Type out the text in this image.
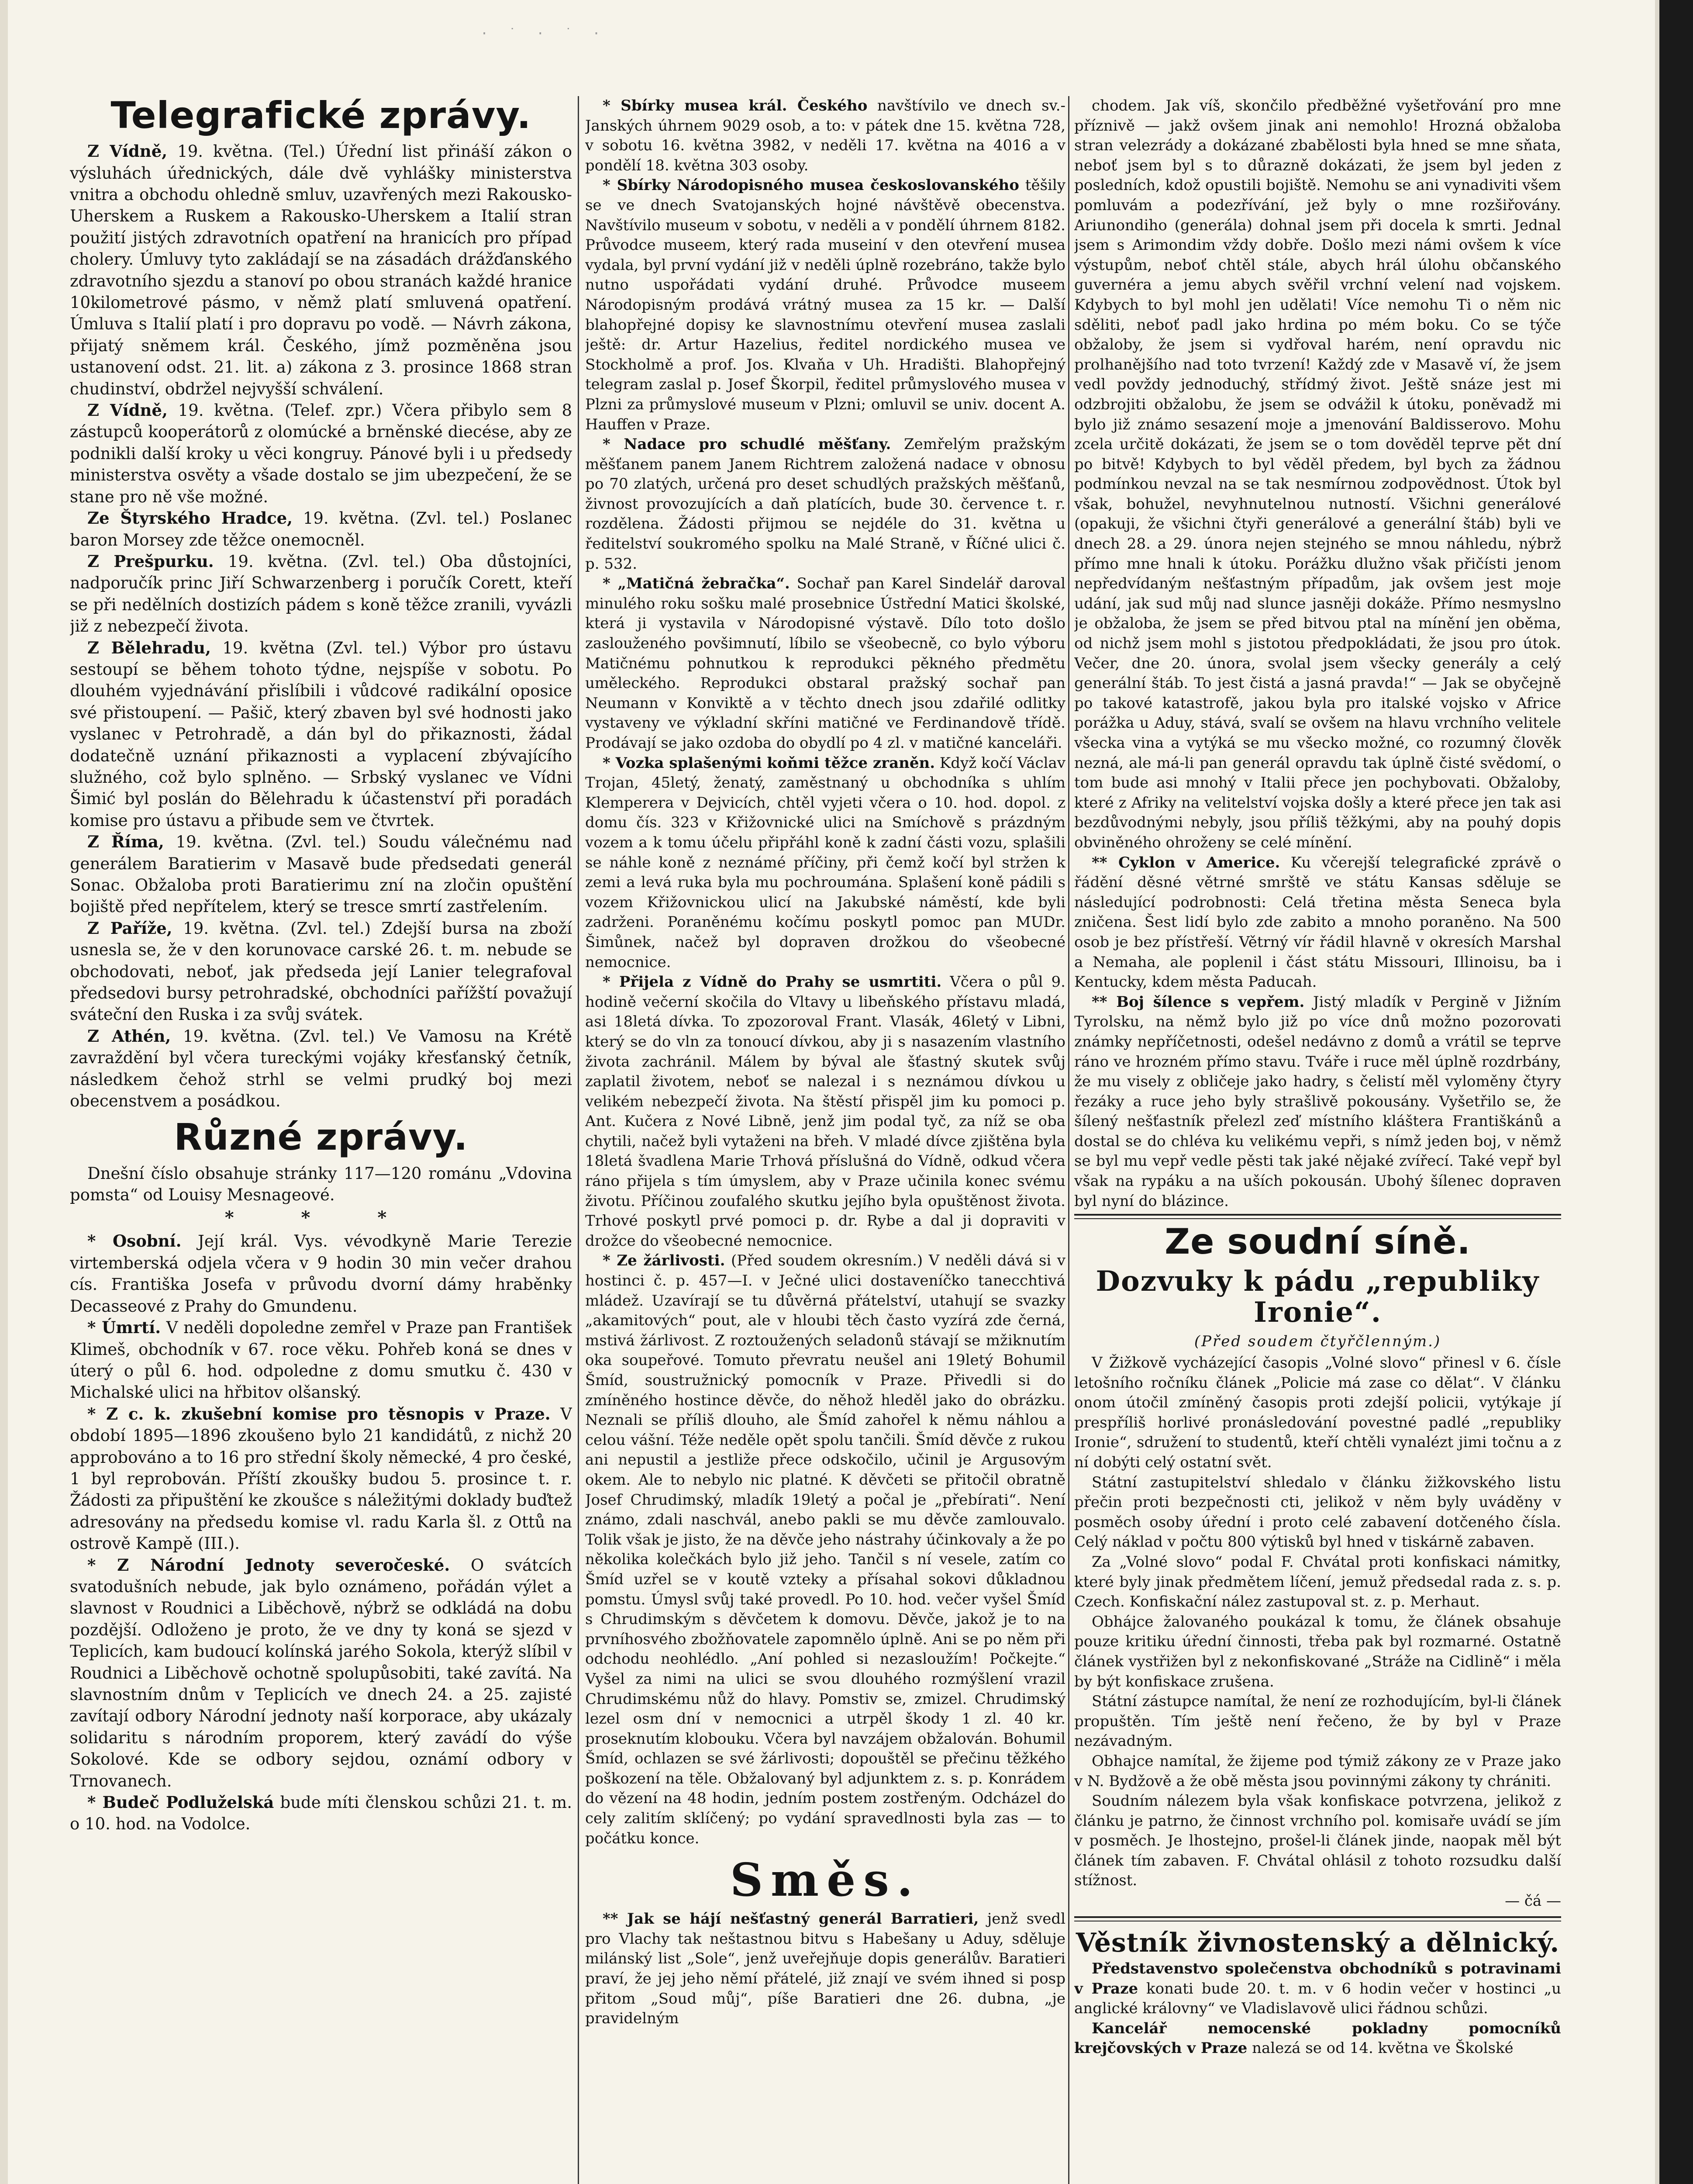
· ˙ · ˙ ·
Telegrafické zprávy.

Z Vídně, 19. května. (Tel.) Úřední list přináší zákon o výsluhách úřednických, dále dvě vyhlášky ministerstva vnitra a obchodu ohledně smluv, uzavřených mezi Rakousko-Uherskem a Ruskem a Rakousko-Uherskem a Italií stran použití jistých zdravotních opatření na hranicích pro případ cholery. Úmluvy tyto zakládají se na zásadách drážďanského zdravotního sjezdu a stanoví po obou stranách každé hranice 10kilometrové pásmo, v němž platí smluvená opatření. Úmluva s Italií platí i pro dopravu po vodě. — Návrh zákona, přijatý sněmem král. Českého, jímž pozměněna jsou ustanovení odst. 21. lit. a) zákona z 3. prosince 1868 stran chudinství, obdržel nejvyšší schválení.

Z Vídně, 19. května. (Telef. zpr.) Včera přibylo sem 8 zástupců kooperátorů z olomúcké a brněnské diecése, aby ze podnikli další kroky u věci kongruy. Pánové byli i u předsedy ministerstva osvěty a všade dostalo se jim ubezpečení, že se stane pro ně vše možné.

Ze Štyrského Hradce, 19. května. (Zvl. tel.) Poslanec baron Morsey zde těžce onemocněl.

Z Prešpurku. 19. května. (Zvl. tel.) Oba důstojníci, nadporučík princ Jiří Schwarzenberg i poručík Corett, kteří se při nedělních dostizích pádem s koně těžce zranili, vyvázli již z nebezpečí života.

Z Bělehradu, 19. května (Zvl. tel.) Výbor pro ústavu sestoupí se během tohoto týdne, nejspíše v sobotu. Po dlouhém vyjednávání přislíbili i vůdcové radikální oposice své přistoupení. — Pašič, který zbaven byl své hodnosti jako vyslanec v Petrohradě, a dán byl do přikaznosti, žádal dodatečně uznání přikaznosti a vyplacení zbývajícího služného, což bylo splněno. — Srbský vyslanec ve Vídni Šimić byl poslán do Bělehradu k účastenství při poradách komise pro ústavu a přibude sem ve čtvrtek.

Z Říma, 19. května. (Zvl. tel.) Soudu válečnému nad generálem Baratierim v Masavě bude předsedati generál Sonac. Obžaloba proti Baratierimu zní na zločin opuštění bojiště před nepřítelem, který se tresce smrtí zastřelením.

Z Paříže, 19. května. (Zvl. tel.) Zdejší bursa na zboží usnesla se, že v den korunovace carské 26. t. m. nebude se obchodovati, neboť, jak předseda její Lanier telegrafoval předsedovi bursy petrohradské, obchodníci pařížští považují sváteční den Ruska i za svůj svátek.

Z Athén, 19. května. (Zvl. tel.) Ve Vamosu na Krétě zavraždění byl včera tureckými vojáky křesťanský četník, následkem čehož strhl se velmi prudký boj mezi obecenstvem a posádkou.

Různé zprávy.

Dnešní číslo obsahuje stránky 117—120 románu „Vdovina pomsta“ od Louisy Mesnageové.

* * *

* Osobní. Její král. Vys. vévodkyně Marie Terezie virtemberská odjela včera v 9 hodin 30 min večer drahou cís. Františka Josefa v průvodu dvorní dámy hraběnky Decasseové z Prahy do Gmundenu.

* Úmrtí. V neděli dopoledne zemřel v Praze pan František Klimeš, obchodník v 67. roce věku. Pohřeb koná se dnes v úterý o půl 6. hod. odpoledne z domu smutku č. 430 v Michalské ulici na hřbitov olšanský.

* Z c. k. zkušební komise pro těsnopis v Praze. V období 1895—1896 zkoušeno bylo 21 kandidátů, z nichž 20 approbováno a to 16 pro střední školy německé, 4 pro české, 1 byl reprobován. Příští zkoušky budou 5. prosince t. r. Žádosti za připuštění ke zkoušce s náležitými doklady buďtež adresovány na předsedu komise vl. radu Karla šl. z Ottů na ostrově Kampě (III.).

* Z Národní Jednoty severočeské. O svátcích svatodušních nebude, jak bylo oznámeno, pořádán výlet a slavnost v Roudnici a Liběchově, nýbrž se odkládá na dobu pozdější. Odloženo je proto, že ve dny ty koná se sjezd v Teplicích, kam budoucí kolínská jarého Sokola, kterýž slíbil v Roudnici a Liběchově ochotně spolupůsobiti, také zavítá. Na slavnostním dnům v Teplicích ve dnech 24. a 25. zajisté zavítají odbory Národní jednoty naší korporace, aby ukázaly solidaritu s národním proporem, který zavádí do výše Sokolové. Kde se odbory sejdou, oznámí odbory v Trnovanech.

* Budeč Podluželská bude míti členskou schůzi 21. t. m. o 10. hod. na Vodolce.

* Sbírky musea král. Českého navštívilo ve dnech sv.-Janských úhrnem 9029 osob, a to: v pátek dne 15. května 728, v sobotu 16. května 3982, v neděli 17. května na 4016 a v pondělí 18. května 303 osoby.

* Sbírky Národopisného musea českoslovanského těšily se ve dnech Svatojanských hojné návštěvě obecenstva. Navštívilo museum v sobotu, v neděli a v pondělí úhrnem 8182. Průvodce museem, který rada museiní v den otevření musea vydala, byl první vydání již v neděli úplně rozebráno, takže bylo nutno uspořádati vydání druhé. Průvodce museem Národopisným prodává vrátný musea za 15 kr. — Další blahopřejné dopisy ke slavnostnímu otevření musea zaslali ještě: dr. Artur Hazelius, ředitel nordického musea ve Stockholmě a prof. Jos. Klvaňa v Uh. Hradišti. Blahopřejný telegram zaslal p. Josef Škorpil, ředitel průmyslového musea v Plzni za průmyslové museum v Plzni; omluvil se univ. docent A. Hauffen v Praze.

* Nadace pro schudlé měšťany. Zemřelým pražským měšťanem panem Janem Richtrem založená nadace v obnosu po 70 zlatých, určená pro deset schudlých pražských měšťanů, živnost provozujících a daň platících, bude 30. července t. r. rozdělena. Žádosti přijmou se nejdéle do 31. května u ředitelství soukromého spolku na Malé Straně, v Říčné ulici č. p. 532.

* „Matičná žebračka“. Sochař pan Karel Sindelář daroval minulého roku sošku malé prosebnice Ústřední Matici školské, která ji vystavila v Národopisné výstavě. Dílo toto došlo zaslouženého povšimnutí, líbilo se všeobecně, co bylo výboru Matičnému pohnutkou k reprodukci pěkného předmětu uměleckého. Reprodukci obstaral pražský sochař pan Neumann v Konviktě a v těchto dnech jsou zdařilé odlitky vystaveny ve výkladní skříni matičné ve Ferdinandově třídě. Prodávají se jako ozdoba do obydlí po 4 zl. v matičné kanceláři.

* Vozka splašenými koňmi těžce zraněn. Když kočí Václav Trojan, 45letý, ženatý, zaměstnaný u obchodníka s uhlím Klemperera v Dejvicích, chtěl vyjeti včera o 10. hod. dopol. z domu čís. 323 v Křižovnické ulici na Smíchově s prázdným vozem a k tomu účelu připřáhl koně k zadní části vozu, splašili se náhle koně z neznámé příčiny, při čemž kočí byl stržen k zemi a levá ruka byla mu pochroumána. Splašení koně pádili s vozem Křižovnickou ulicí na Jakubské náměstí, kde byli zadrženi. Poraněnému kočímu poskytl pomoc pan MUDr. Šimůnek, načež byl dopraven drožkou do všeobecné nemocnice.

* Přijela z Vídně do Prahy se usmrtiti. Včera o půl 9. hodině večerní skočila do Vltavy u libeňského přístavu mladá, asi 18letá dívka. To zpozoroval Frant. Vlasák, 46letý v Libni, který se do vln za tonoucí dívkou, aby ji s nasazením vlastního života zachránil. Málem by býval ale šťastný skutek svůj zaplatil životem, neboť se nalezal i s neznámou dívkou u velikém nebezpečí života. Na štěstí přispěl jim ku pomoci p. Ant. Kučera z Nové Libně, jenž jim podal tyč, za níž se oba chytili, načež byli vytaženi na břeh. V mladé dívce zjištěna byla 18letá švadlena Marie Trhová příslušná do Vídně, odkud včera ráno přijela s tím úmyslem, aby v Praze učinila konec svému životu. Příčinou zoufalého skutku jejího byla opuštěnost života. Trhové poskytl prvé pomoci p. dr. Rybe a dal ji dopraviti v drožce do všeobecné nemocnice.

* Ze žárlivosti. (Před soudem okresním.) V neděli dává si v hostinci č. p. 457—I. v Ječné ulici dostaveníčko tanecchtivá mládež. Uzavírají se tu důvěrná přátelství, utahují se svazky „akamitových“ pout, ale v hloubi těch často vyzírá zde černá, mstivá žárlivost. Z roztoužených seladonů stávají se mžiknutím oka soupeřové. Tomuto převratu neušel ani 19letý Bohumil Šmíd, soustružnický pomocník v Praze. Přivedli si do zmíněného hostince děvče, do něhož hleděl jako do obrázku. Neznali se příliš dlouho, ale Šmíd zahořel k němu náhlou a celou vášní. Téže neděle opět spolu tančili. Šmíd děvče z rukou ani nepustil a jestliže přece odskočilo, učinil je Argusovým okem. Ale to nebylo nic platné. K děvčeti se přitočil obratně Josef Chrudimský, mladík 19letý a počal je „přebírati“. Není známo, zdali naschvál, anebo pakli se mu děvče zamlouvalo. Tolik však je jisto, že na děvče jeho nástrahy účinkovaly a že po několika kolečkách bylo již jeho. Tančil s ní vesele, zatím co Šmíd uzřel se v koutě vzteky a přísahal sokovi důkladnou pomstu. Úmysl svůj také provedl. Po 10. hod. večer vyšel Šmíd s Chrudimským s děvčetem k domovu. Děvče, jakož je to na prvníhosvého zbožňovatele zapomnělo úplně. Ani se po něm při odchodu neohlédlo. „Aní pohled si nezasloužím! Počkejte.“ Vyšel za nimi na ulici se svou dlouhého rozmýšlení vrazil Chrudimskému nůž do hlavy. Pomstiv se, zmizel. Chrudimský lezel osm dní v nemocnici a utrpěl škody 1 zl. 40 kr. proseknutím klobouku. Včera byl navzájem obžalován. Bohumil Šmíd, ochlazen se své žárlivosti; dopouštěl se přečinu těžkého poškození na těle. Obžalovaný byl adjunktem z. s. p. Konrádem do vězení na 48 hodin, jedním postem zostřeným. Odcházel do cely zalitím sklíčený; po vydání spravedlnosti byla zas — to počátku konce.

Směs.

** Jak se hájí nešťastný generál Barratieri, jenž svedl pro Vlachy tak neštastnou bitvu s Habešany u Aduy, sděluje milánský list „Sole“, jenž uveřejňuje dopis generálův. Baratieri praví, že jej jeho němí přátelé, již znají ve svém ihned si posp přitom „Soud můj“, píše Baratieri dne 26. dubna, „je pravidelným

chodem. Jak víš, skončilo předběžné vyšetřování pro mne příznivě — jakž ovšem jinak ani nemohlo! Hrozná obžaloba stran velezrády a dokázané zbabělosti byla hned se mne sňata, neboť jsem byl s to důrazně dokázati, že jsem byl jeden z posledních, kdož opustili bojiště. Nemohu se ani vynadiviti všem pomluvám a podezřívání, jež byly o mne rozšiřovány. Ariunondiho (generála) dohnal jsem při docela k smrti. Jednal jsem s Arimondim vždy dobře. Došlo mezi námi ovšem k více výstupům, neboť chtěl stále, abych hrál úlohu občanského guvernéra a jemu abych svěřil vrchní velení nad vojskem. Kdybych to byl mohl jen udělati! Více nemohu Ti o něm nic sděliti, neboť padl jako hrdina po mém boku. Co se týče obžaloby, že jsem si vydřoval harém, není opravdu nic prolhanějšího nad toto tvrzení! Každý zde v Masavě ví, že jsem vedl povždy jednoduchý, střídmý život. Ještě snáze jest mi odzbrojiti obžalobu, že jsem se odvážil k útoku, poněvadž mi bylo již známo sesazení moje a jmenování Baldisserovo. Mohu zcela určitě dokázati, že jsem se o tom dověděl teprve pět dní po bitvě! Kdybych to byl věděl předem, byl bych za žádnou podmínkou nevzal na se tak nesmírnou zodpovědnost. Útok byl však, bohužel, nevyhnutelnou nutností. Všichni generálové (opakuji, že všichni čtyři generálové a generální štáb) byli ve dnech 28. a 29. února nejen stejného se mnou náhledu, nýbrž přímo mne hnali k útoku. Porážku dlužno však přičísti jenom nepředvídaným nešťastným případům, jak ovšem jest moje udání, jak sud můj nad slunce jasněji dokáže. Přímo nesmyslno je obžaloba, že jsem se před bitvou ptal na mínění jen oběma, od nichž jsem mohl s jistotou předpokládati, že jsou pro útok. Večer, dne 20. února, svolal jsem všecky generály a celý generální štáb. To jest čistá a jasná pravda!“ — Jak se obyčejně po takové katastrofě, jakou byla pro italské vojsko v Africe porážka u Aduy, stává, svalí se ovšem na hlavu vrchního velitele všecka vina a vytýká se mu všecko možné, co rozumný člověk nezná, ale má-li pan generál opravdu tak úplně čisté svědomí, o tom bude asi mnohý v Italii přece jen pochybovati. Obžaloby, které z Afriky na velitelství vojska došly a které přece jen tak asi bezdůvodnými nebyly, jsou příliš těžkými, aby na pouhý dopis obviněného ohroženy se celé mínění.

** Cyklon v Americe. Ku včerejší telegrafické zprávě o řádění děsné větrné smrště ve státu Kansas sděluje se následující podrobnosti: Celá třetina města Seneca byla zničena. Šest lidí bylo zde zabito a mnoho poraněno. Na 500 osob je bez přístřeší. Větrný vír řádil hlavně v okresích Marshal a Nemaha, ale poplenil i část státu Missouri, Illinoisu, ba i Kentucky, kdem města Paducah.

** Boj šílence s vepřem. Jistý mladík v Pergině v Jižním Tyrolsku, na němž bylo již po více dnů možno pozorovati známky nepříčetnosti, odešel nedávno z domů a vrátil se teprve ráno ve hrozném přímo stavu. Tváře i ruce měl úplně rozdrbány, že mu visely z obličeje jako hadry, s čelistí měl vyloměny čtyry řezáky a ruce jeho byly strašlivě pokousány. Vyšetřilo se, že šílený nešťastník přelezl zeď místního kláštera Františkánů a dostal se do chléva ku velikému vepři, s nímž jeden boj, v němž se byl mu vepř vedle pěsti tak jaké nějaké zvířecí. Také vepř byl však na rypáku a na uších pokousán. Ubohý šílenec dopraven byl nyní do blázince.

Ze soudní síně.
Dozvuky k pádu „republiky Ironie“.
(Před soudem čtyřčlenným.)

V Žižkově vycházející časopis „Volné slovo“ přinesl v 6. čísle letošního ročníku článek „Policie má zase co dělat“. V článku onom útočil zmíněný časopis proti zdejší policii, vytýkaje jí prespříliš horlivé pronásledování povestné padlé „republiky Ironie“, sdružení to studentů, kteří chtěli vynalézt jimi točnu a z ní dobýti celý ostatní svět.

Státní zastupitelství shledalo v článku žižkovského listu přečin proti bezpečnosti cti, jelikož v něm byly uváděny v posměch osoby úřední i proto celé zabavení dotčeného čísla. Celý náklad v počtu 800 výtisků byl hned v tiskárně zabaven.

Za „Volné slovo“ podal F. Chvátal proti konfiskaci námitky, které byly jinak předmětem líčení, jemuž předsedal rada z. s. p. Czech. Konfiskační nález zastupoval st. z. p. Merhaut.

Obhájce žalovaného poukázal k tomu, že článek obsahuje pouze kritiku úřední činnosti, třeba pak byl rozmarné. Ostatně článek vystřižen byl z nekonfiskované „Stráže na Cidlině“ i měla by být konfiskace zrušena.

Státní zástupce namítal, že není ze rozhodujícím, byl-li článek propuštěn. Tím ještě není řečeno, že by byl v Praze nezávadným.

Obhajce namítal, že žijeme pod týmiž zákony ze v Praze jako v N. Bydžově a že obě města jsou povinnými zákony ty chrániti.

Soudním nálezem byla však konfiskace potvrzena, jelikož z článku je patrno, že činnost vrchního pol. komisaře uvádí se jím v posměch. Je lhostejno, prošel-li článek jinde, naopak měl být článek tím zabaven. F. Chvátal ohlásil z tohoto rozsudku další stížnost.

— čá —
Věstník živnostenský a dělnický.

Představenstvo společenstva obchodníků s potravinami v Praze konati bude 20. t. m. v 6 hodin večer v hostinci „u anglické královny“ ve Vladislavově ulici řádnou schůzi.

Kancelář nemocenské pokladny pomocníků krejčovských v Praze nalezá se od 14. května ve Školské
